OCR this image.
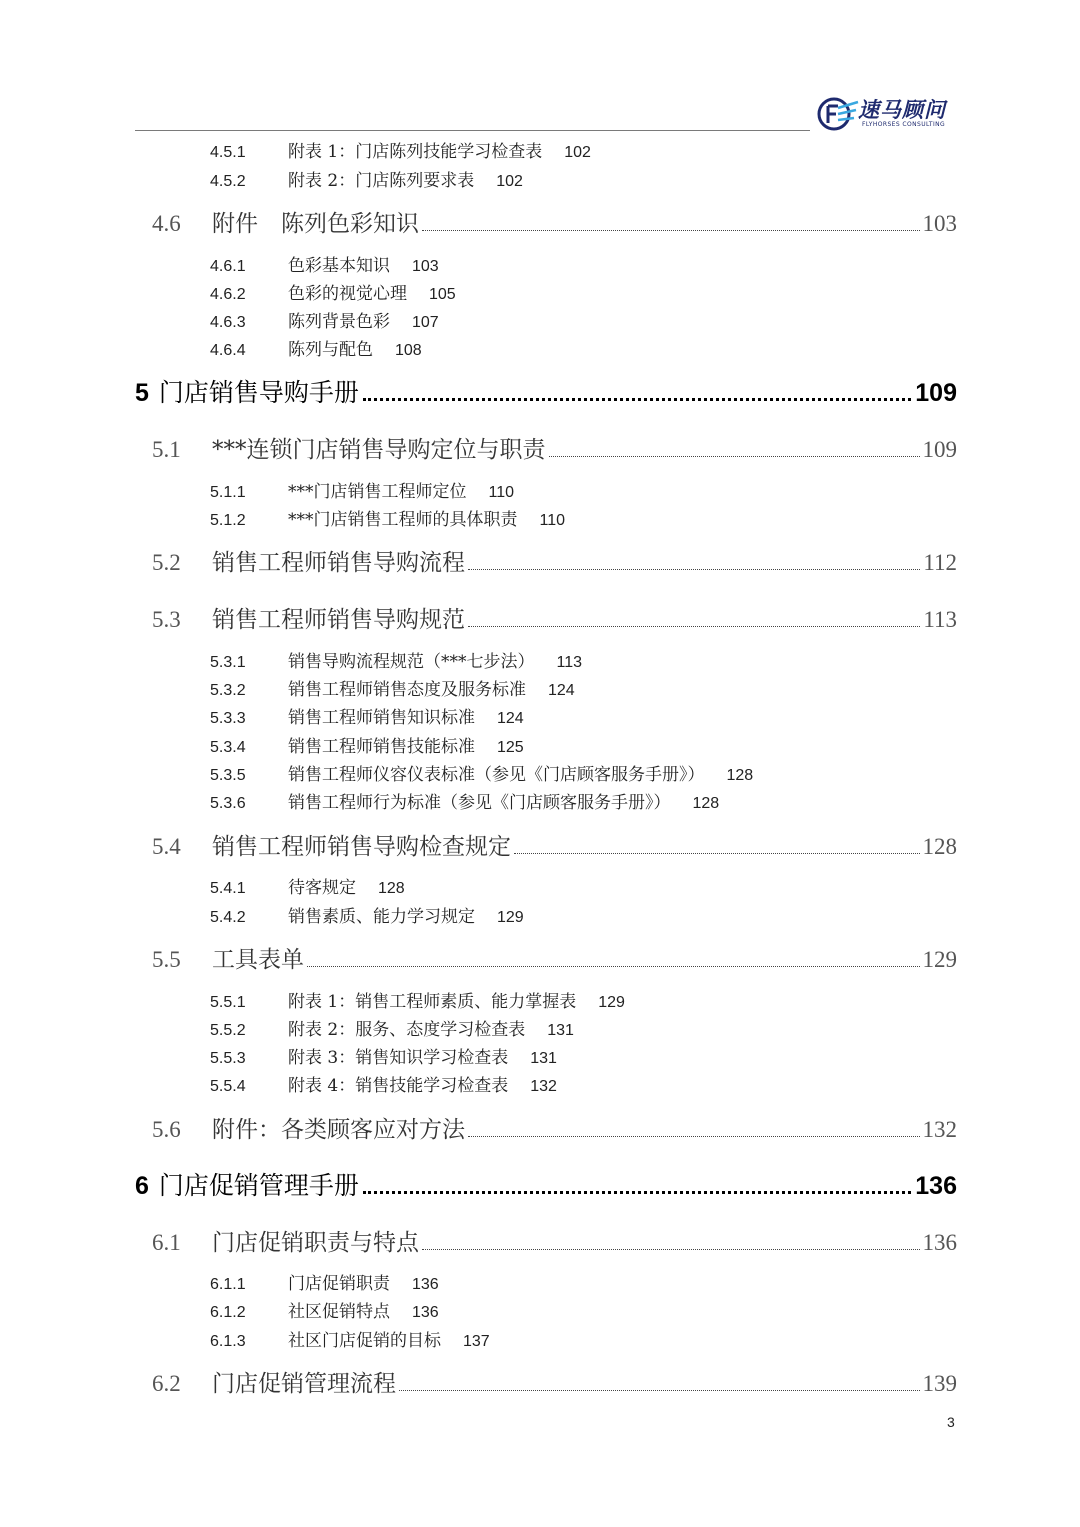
速马顾问
FLYHORSES CONSULTING
4.5.1 附表 1：门店陈列技能学习检查表 102
4.5.2 附表 2：门店陈列要求表 102
4.6	附件　陈列色彩知识	103
4.6.1 色彩基本知识 103
4.6.2 色彩的视觉心理 105
4.6.3 陈列背景色彩 107
4.6.4 陈列与配色 108
5 门店销售导购手册	109
5.1	***连锁门店销售导购定位与职责	109
5.1.1 ***门店销售工程师定位 110
5.1.2 ***门店销售工程师的具体职责 110
5.2	销售工程师销售导购流程	112
5.3	销售工程师销售导购规范	113
5.3.1 销售导购流程规范（***七步法） 113
5.3.2 销售工程师销售态度及服务标准 124
5.3.3 销售工程师销售知识标准 124
5.3.4 销售工程师销售技能标准 125
5.3.5 销售工程师仪容仪表标准（参见《门店顾客服务手册》） 128
5.3.6 销售工程师行为标准（参见《门店顾客服务手册》） 128
5.4	销售工程师销售导购检查规定	128
5.4.1 待客规定 128
5.4.2 销售素质、能力学习规定 129
5.5	工具表单	129
5.5.1 附表 1：销售工程师素质、能力掌握表 129
5.5.2 附表 2：服务、态度学习检查表 131
5.5.3 附表 3：销售知识学习检查表 131
5.5.4 附表 4：销售技能学习检查表 132
5.6	附件：各类顾客应对方法	132
6 门店促销管理手册	136
6.1	门店促销职责与特点	136
6.1.1 门店促销职责 136
6.1.2 社区促销特点 136
6.1.3 社区门店促销的目标 137
6.2	门店促销管理流程	139
3
